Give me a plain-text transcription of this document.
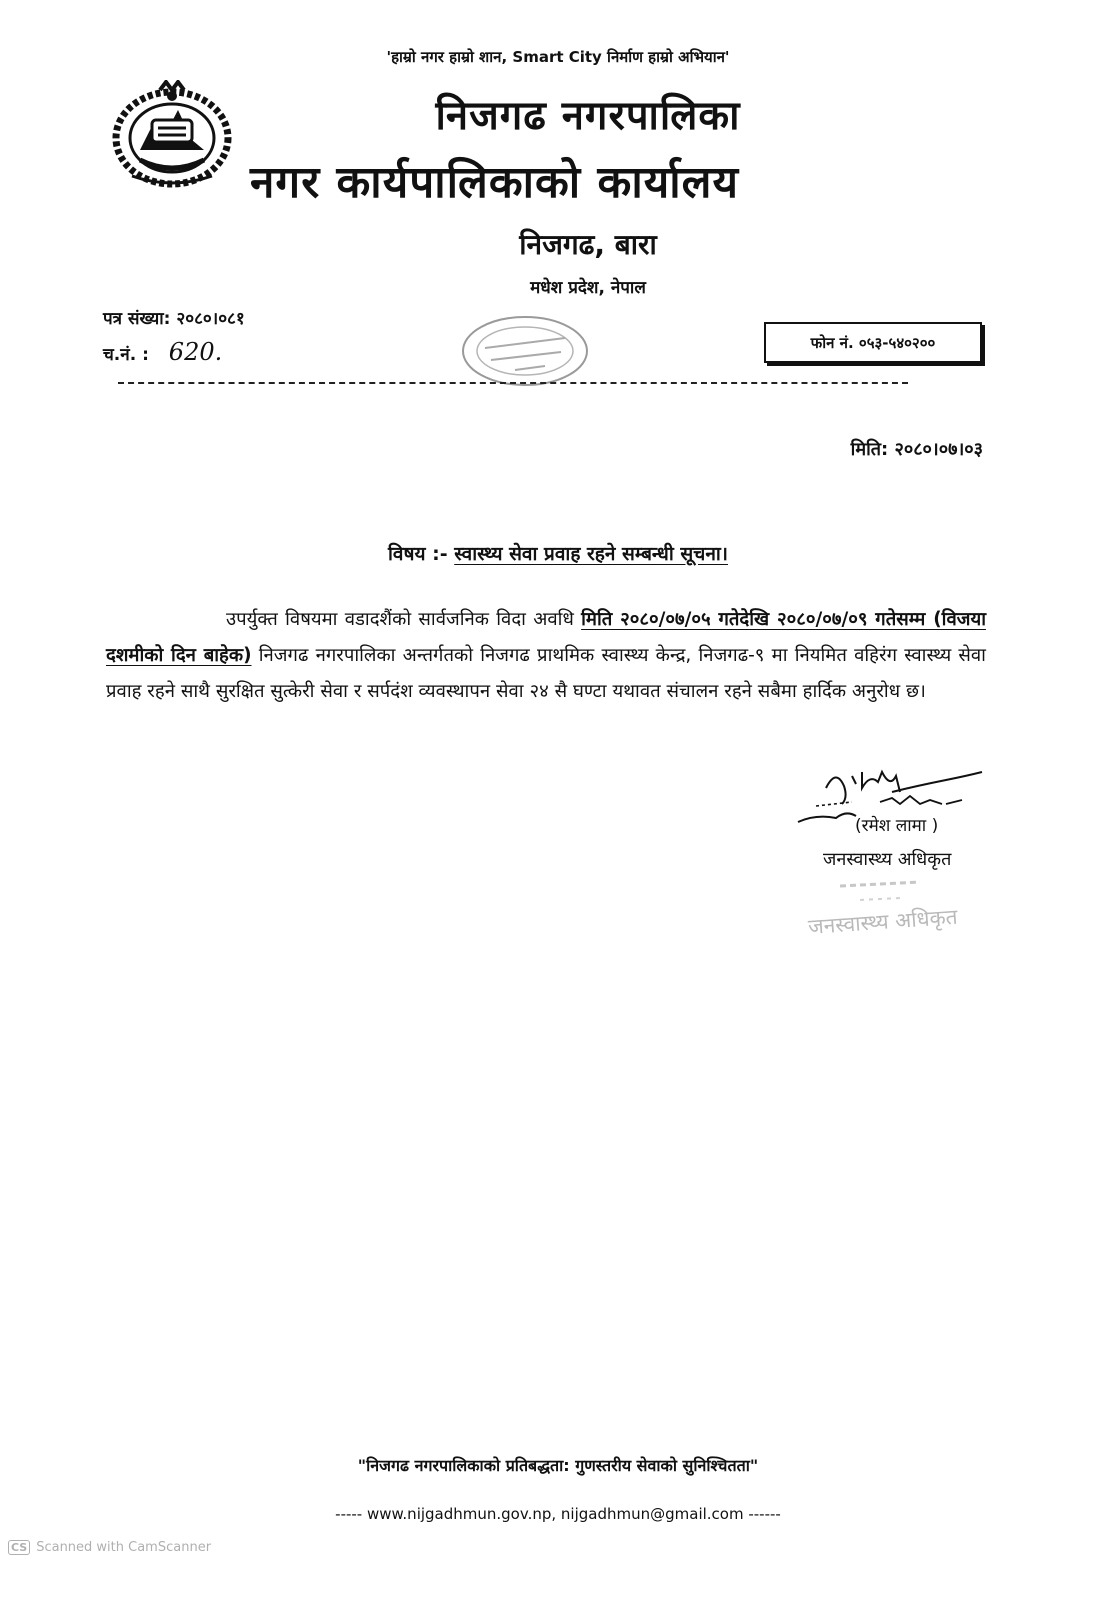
'हाम्रो नगर हाम्रो शान, Smart City निर्माण हाम्रो अभियान'
निजगढ नगरपालिका
नगर कार्यपालिकाको कार्यालय
निजगढ, बारा
मधेश प्रदेश, नेपाल
पत्र संख्या: २०८०।०८१
च.नं. : 620.	फोन नं. ०५३-५४०२००
मिति: २०८०।०७।०३
विषय :- स्वास्थ्य सेवा प्रवाह रहने सम्बन्धी सूचना।
उपर्युक्त विषयमा वडादशैंको सार्वजनिक विदा अवधि मिति २०८०/०७/०५ गतेदेखि २०८०/०७/०९ गतेसम्म (विजया दशमीको दिन बाहेक) निजगढ नगरपालिका अन्तर्गतको निजगढ प्राथमिक स्वास्थ्य केन्द्र, निजगढ-९ मा नियमित वहिरंग स्वास्थ्य सेवा प्रवाह रहने साथै सुरक्षित सुत्केरी सेवा र सर्पदंश व्यवस्थापन सेवा २४ सै घण्टा यथावत संचालन रहने सबैमा हार्दिक अनुरोध छ।
(रमेश लामा )
जनस्वास्थ्य अधिकृत
जनस्वास्थ्य अधिकृत
"निजगढ नगरपालिकाको प्रतिबद्धता: गुणस्तरीय सेवाको सुनिश्चितता"
----- www.nijgadhmun.gov.np, nijgadhmun@gmail.com ------
CS Scanned with CamScanner
